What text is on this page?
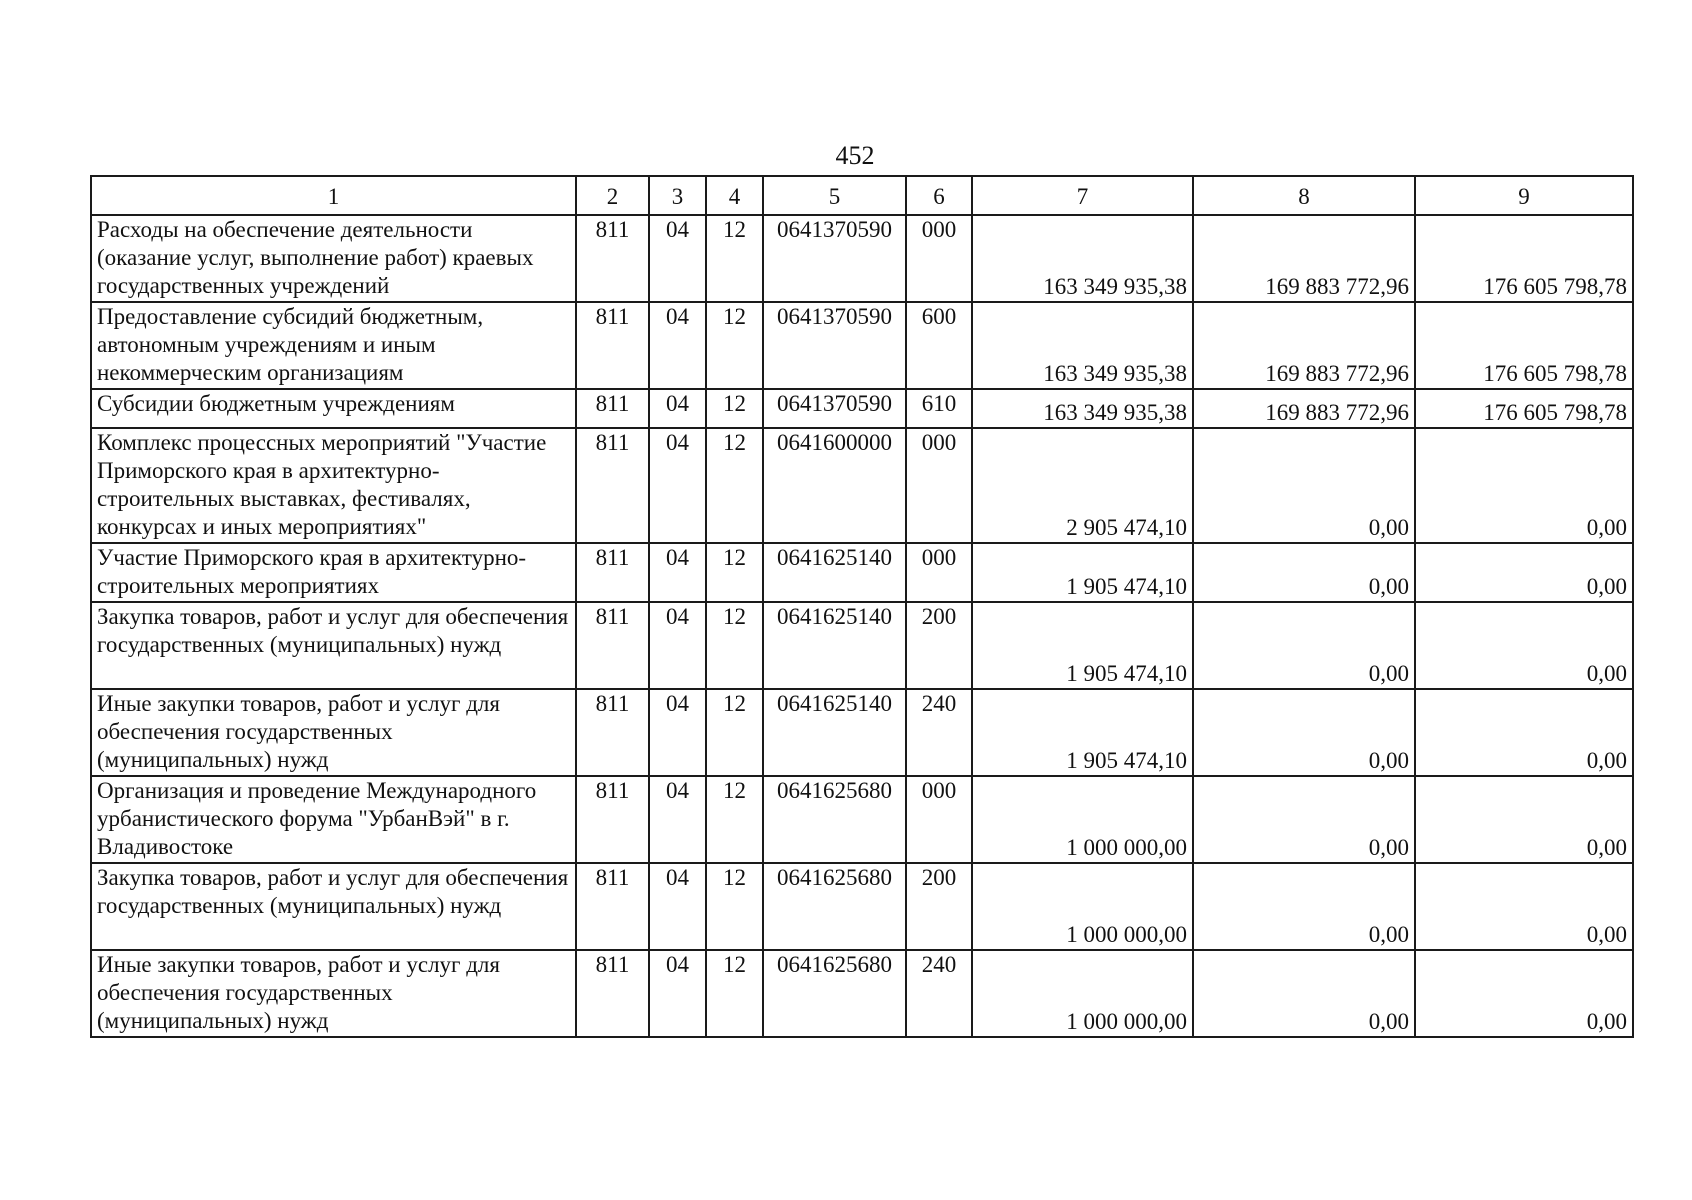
452
1	2	3	4	5	6	7	8	9
Расходы на обеспечение деятельности (оказание услуг, выполнение работ) краевых государственных учреждений	811	04	12	0641370590	000	163 349 935,38	169 883 772,96	176 605 798,78
Предоставление субсидий бюджетным, автономным учреждениям и иным некоммерческим организациям	811	04	12	0641370590	600	163 349 935,38	169 883 772,96	176 605 798,78
Субсидии бюджетным учреждениям	811	04	12	0641370590	610	163 349 935,38	169 883 772,96	176 605 798,78
Комплекс процессных мероприятий "Участие Приморского края в архитектурно-строительных выставках, фестивалях, конкурсах и иных мероприятиях"	811	04	12	0641600000	000	2 905 474,10	0,00	0,00
Участие Приморского края в архитектурно-строительных мероприятиях	811	04	12	0641625140	000	1 905 474,10	0,00	0,00
Закупка товаров, работ и услуг для обеспечения государственных (муниципальных) нужд	811	04	12	0641625140	200	1 905 474,10	0,00	0,00
Иные закупки товаров, работ и услуг для обеспечения государственных (муниципальных) нужд	811	04	12	0641625140	240	1 905 474,10	0,00	0,00
Организация и проведение Международного урбанистического форума "УрбанВэй" в г. Владивостоке	811	04	12	0641625680	000	1 000 000,00	0,00	0,00
Закупка товаров, работ и услуг для обеспечения государственных (муниципальных) нужд	811	04	12	0641625680	200	1 000 000,00	0,00	0,00
Иные закупки товаров, работ и услуг для обеспечения государственных (муниципальных) нужд	811	04	12	0641625680	240	1 000 000,00	0,00	0,00
